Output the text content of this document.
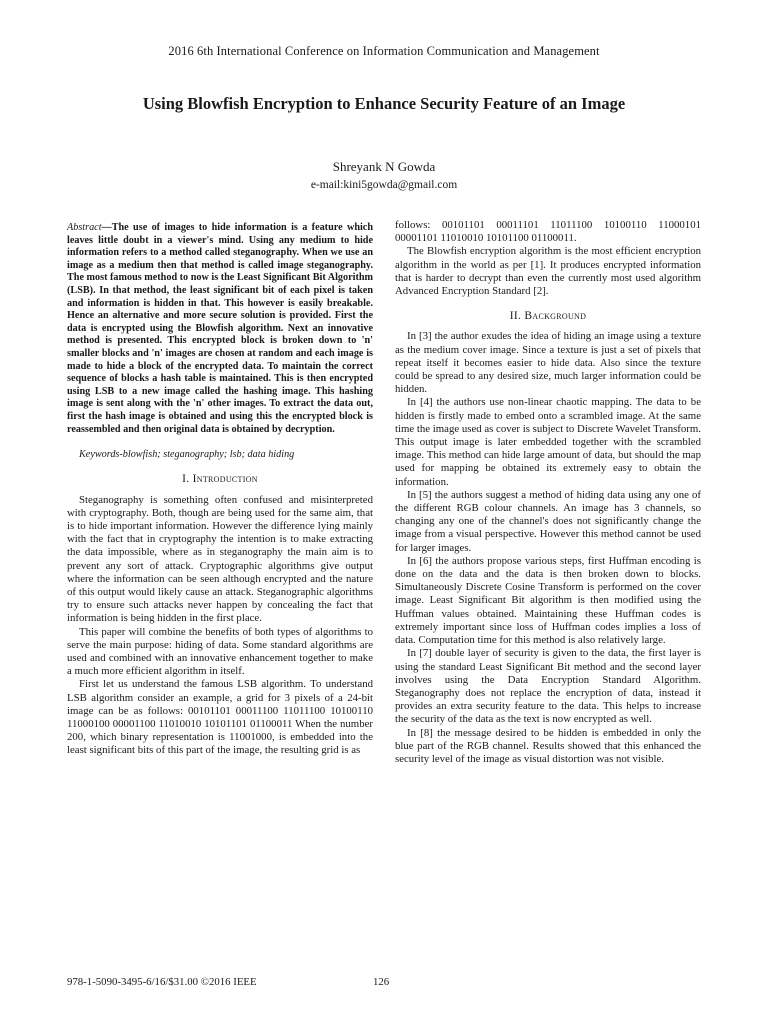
2016 6th International Conference on Information Communication and Management
Using Blowfish Encryption to Enhance Security Feature of an Image
Shreyank N Gowda
e-mail:kini5gowda@gmail.com
Abstract—The use of images to hide information is a feature which leaves little doubt in a viewer's mind. Using any medium to hide information refers to a method called steganography. When we use an image as a medium then that method is called image steganography. The most famous method to now is the Least Significant Bit Algorithm (LSB). In that method, the least significant bit of each pixel is taken and information is hidden in that. This however is easily breakable. Hence an alternative and more secure solution is provided. First the data is encrypted using the Blowfish algorithm. Next an innovative method is presented. This encrypted block is broken down to 'n' smaller blocks and 'n' images are chosen at random and each image is made to hide a block of the encrypted data. To maintain the correct sequence of blocks a hash table is maintained. This is then encrypted using LSB to a new image called the hashing image. This hashing image is sent along with the 'n' other images. To extract the data out, first the hash image is obtained and using this the encrypted block is reassembled and then original data is obtained by decryption.
Keywords-blowfish; steganography; lsb; data hiding
I. Introduction

Steganography is something often confused and misinterpreted with cryptography. Both, though are being used for the same aim, that is to hide important information. However the difference lying mainly with the fact that in cryptography the intention is to make extracting the data impossible, where as in steganography the main aim is to prevent any sort of attack. Cryptographic algorithms give output where the information can be seen although encrypted and the nature of this output would likely cause an attack. Steganographic algorithms try to ensure such attacks never happen by concealing the fact that information is being hidden in the first place.

This paper will combine the benefits of both types of algorithms to serve the main purpose: hiding of data. Some standard algorithms are used and combined with an innovative enhancement together to make a much more efficient algorithm in itself.

First let us understand the famous LSB algorithm. To understand LSB algorithm consider an example, a grid for 3 pixels of a 24-bit image can be as follows: 00101101 00011100 11011100 10100110 11000100 00001100 11010010 10101101 01100011 When the number 200, which binary representation is 11001000, is embedded into the least significant bits of this part of the image, the resulting grid is as

follows: 00101101 00011101 11011100 10100110 11000101 00001101 11010010 10101100 01100011.

The Blowfish encryption algorithm is the most efficient encryption algorithm in the world as per [1]. It produces encrypted information that is harder to decrypt than even the currently most used algorithm Advanced Encryption Standard [2].

II. Background

In [3] the author exudes the idea of hiding an image using a texture as the medium cover image. Since a texture is just a set of pixels that repeat itself it becomes easier to hide data. Also since the texture could be spread to any desired size, much larger information could be hidden.

In [4] the authors use non-linear chaotic mapping. The data to be hidden is firstly made to embed onto a scrambled image. At the same time the image used as cover is subject to Discrete Wavelet Transform. This output image is later embedded together with the scrambled image. This method can hide large amount of data, but should the map used for mapping be obtained its extremely easy to obtain the information.

In [5] the authors suggest a method of hiding data using any one of the different RGB colour channels. An image has 3 channels, so changing any one of the channel's does not significantly change the image from a visual perspective. However this method cannot be used for larger images.

In [6] the authors propose various steps, first Huffman encoding is done on the data and the data is then broken down to blocks. Simultaneously Discrete Cosine Transform is performed on the cover image. Least Significant Bit algorithm is then modified using the Huffman values obtained. Maintaining these Huffman codes is extremely important since loss of Huffman codes implies a loss of data. Computation time for this method is also relatively large.

In [7] double layer of security is given to the data, the first layer is using the standard Least Significant Bit method and the second layer involves using the Data Encryption Standard Algorithm. Steganography does not replace the encryption of data, instead it provides an extra security feature to the data. This helps to increase the security of the data as the text is now encrypted as well.

In [8] the message desired to be hidden is embedded in only the blue part of the RGB channel. Results showed that this enhanced the security level of the image as visual distortion was not visible.

978-1-5090-3495-6/16/$31.00 ©2016 IEEE	126
